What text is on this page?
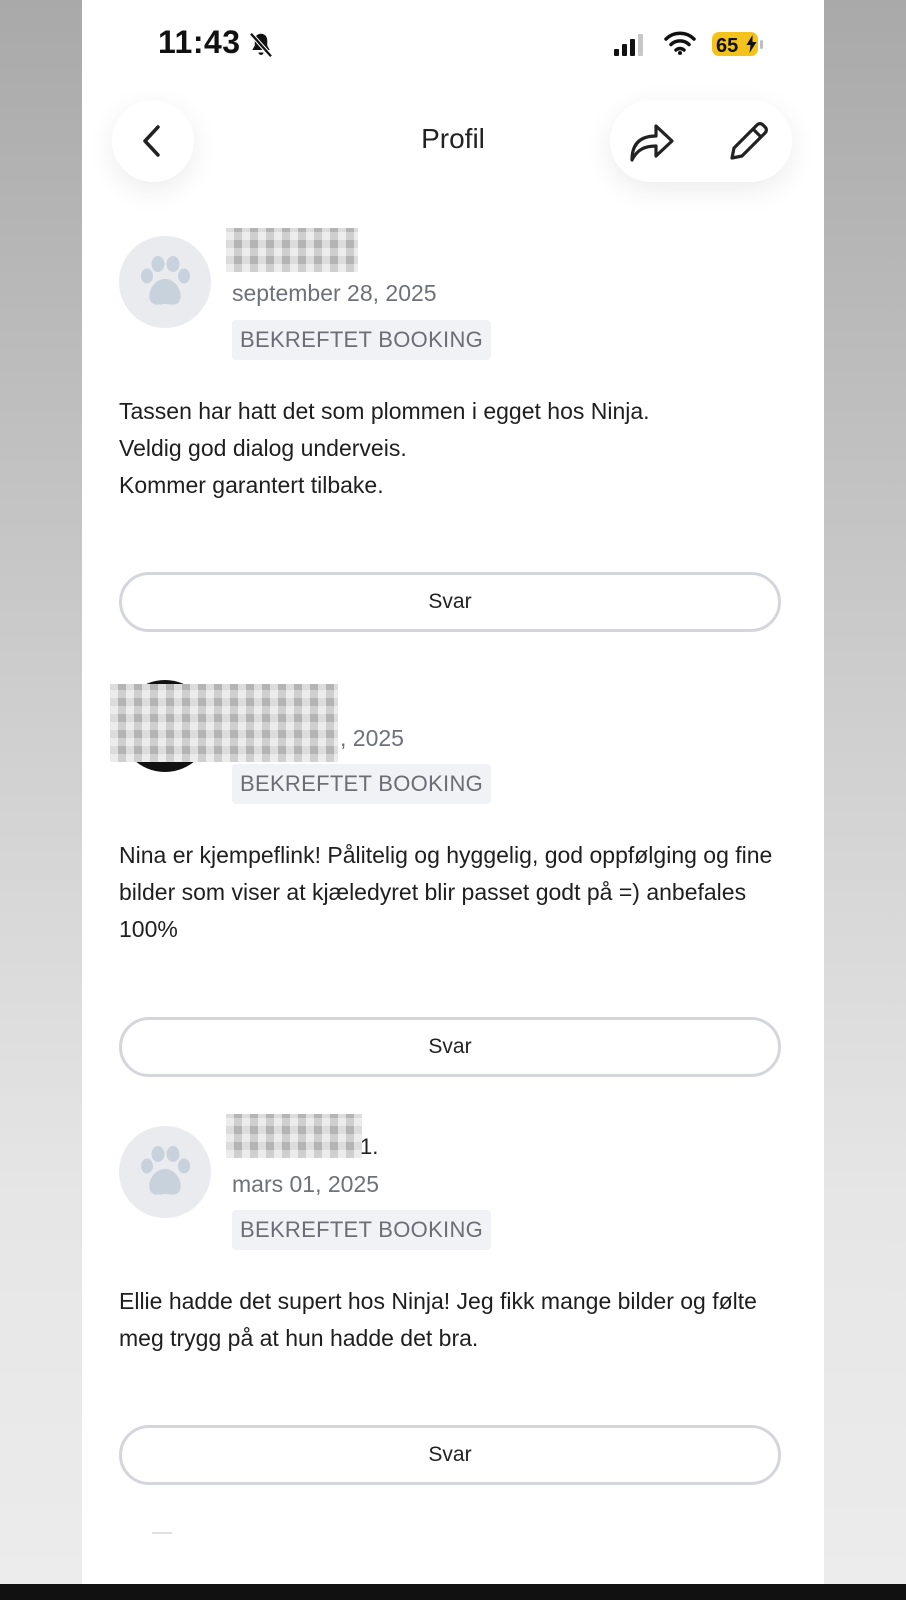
11:43	65
Profil
september 28, 2025
BEKREFTET BOOKING
Tassen har hatt det som plommen i egget hos Ninja.
Veldig god dialog underveis.
Kommer garantert tilbake.
Svar
, 2025
BEKREFTET BOOKING
Nina er kjempeflink! Pålitelig og hyggelig, god oppfølging og fine bilder som viser at kjæledyret blir passet godt på =) anbefales 100%
Svar
1.
mars 01, 2025
BEKREFTET BOOKING
Ellie hadde det supert hos Ninja! Jeg fikk mange bilder og følte meg trygg på at hun hadde det bra.
Svar
